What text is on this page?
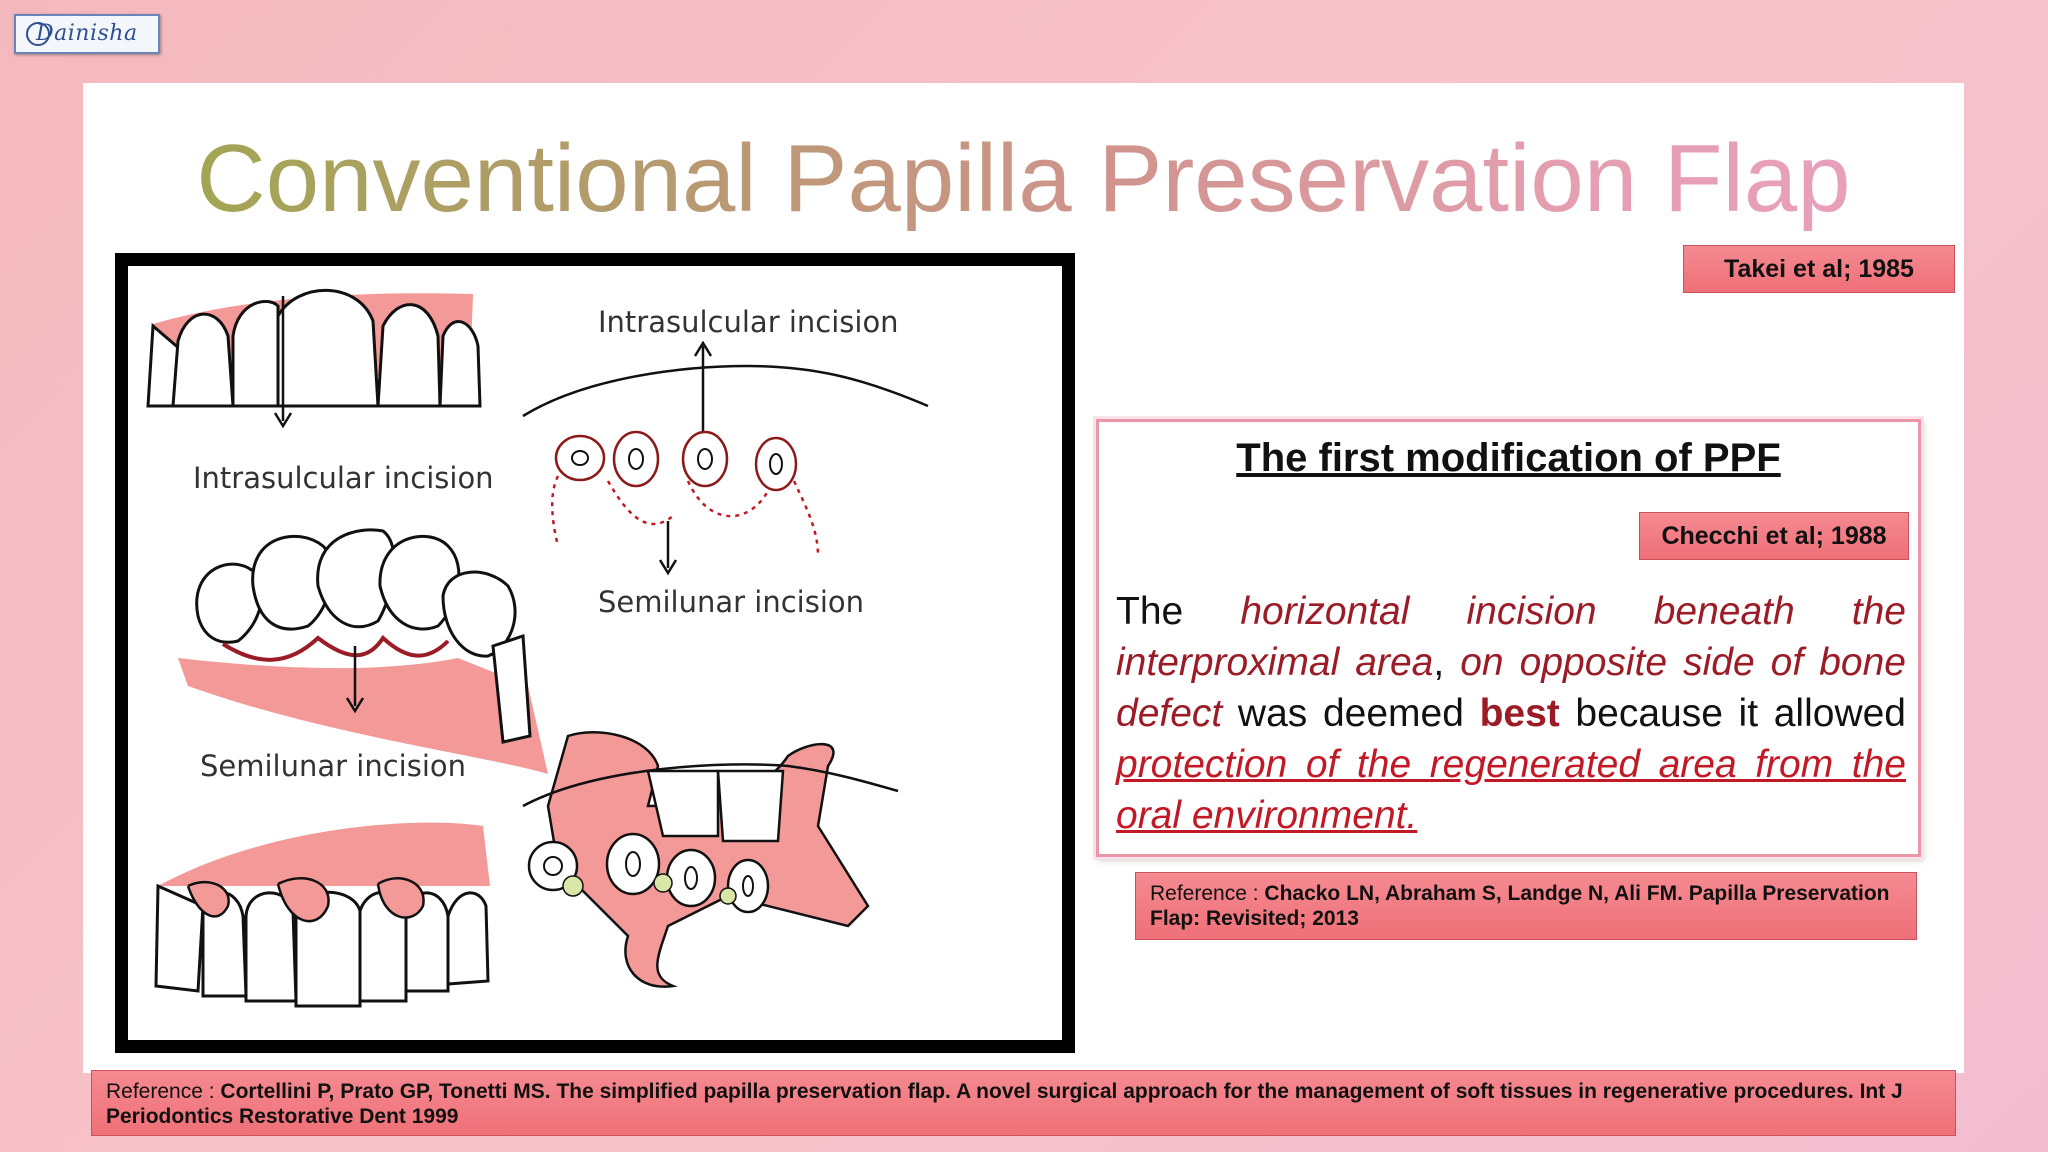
Dainisha
Conventional Papilla Preservation Flap
Intrasulcular incision
Intrasulcular incision
Semilunar incision
Semilunar incision
Takei et al; 1985
The first modification of PPF
Checchi et al; 1988
The horizontal incision beneath the interproximal area, on opposite side of bone defect was deemed best because it allowed protection of the regenerated area from the oral environment.
Reference : Chacko LN, Abraham S, Landge N, Ali FM. Papilla Preservation Flap: Revisited; 2013
Reference : Cortellini P, Prato GP, Tonetti MS. The simplified papilla preservation flap. A novel surgical approach for the management of soft tissues in regenerative procedures. Int J Periodontics Restorative Dent 1999
